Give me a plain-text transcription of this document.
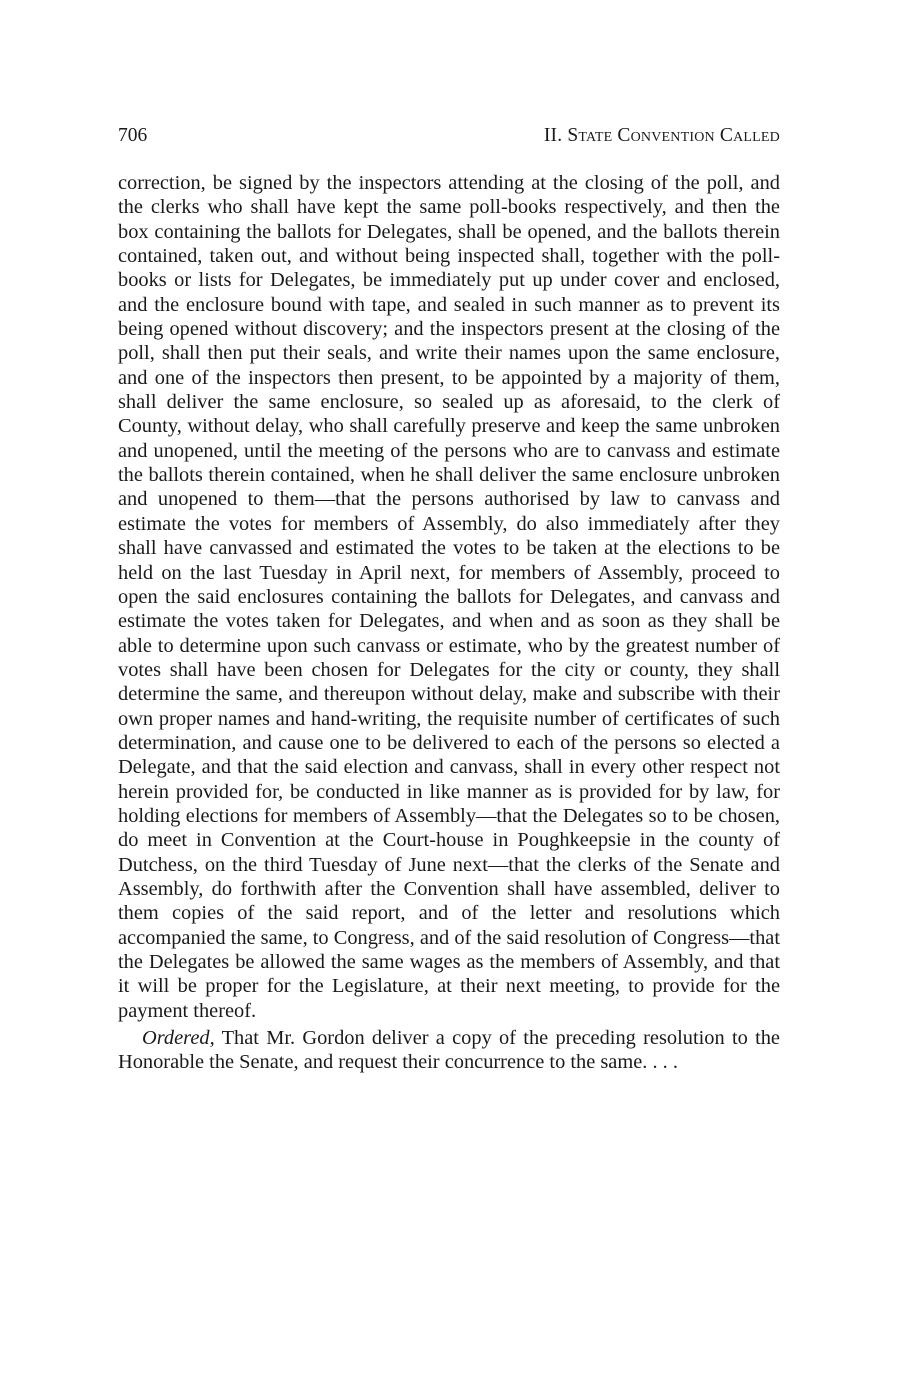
706	II. State Convention Called

correction, be signed by the inspectors attending at the closing of the poll, and the clerks who shall have kept the same poll-books respectively, and then the box containing the ballots for Delegates, shall be opened, and the ballots therein contained, taken out, and without being inspected shall, together with the poll-books or lists for Delegates, be immediately put up under cover and enclosed, and the enclosure bound with tape, and sealed in such manner as to prevent its being opened without discovery; and the inspectors present at the closing of the poll, shall then put their seals, and write their names upon the same enclosure, and one of the inspectors then present, to be appointed by a majority of them, shall deliver the same enclosure, so sealed up as aforesaid, to the clerk of County, without delay, who shall carefully preserve and keep the same unbroken and unopened, until the meeting of the persons who are to canvass and estimate the ballots therein contained, when he shall deliver the same enclosure unbroken and unopened to them—that the persons authorised by law to canvass and estimate the votes for members of Assembly, do also immediately after they shall have canvassed and estimated the votes to be taken at the elections to be held on the last Tuesday in April next, for members of Assembly, proceed to open the said enclosures containing the ballots for Delegates, and canvass and estimate the votes taken for Delegates, and when and as soon as they shall be able to determine upon such canvass or estimate, who by the greatest number of votes shall have been chosen for Delegates for the city or county, they shall determine the same, and thereupon without delay, make and subscribe with their own proper names and hand-writing, the requisite number of certificates of such determination, and cause one to be delivered to each of the persons so elected a Delegate, and that the said election and canvass, shall in every other respect not herein provided for, be conducted in like manner as is provided for by law, for holding elections for members of Assembly—that the Delegates so to be chosen, do meet in Convention at the Court-house in Poughkeepsie in the county of Dutchess, on the third Tuesday of June next—that the clerks of the Senate and Assembly, do forthwith after the Convention shall have assembled, deliver to them copies of the said report, and of the letter and resolutions which accompanied the same, to Congress, and of the said resolution of Congress—that the Delegates be allowed the same wages as the members of Assembly, and that it will be proper for the Legislature, at their next meeting, to provide for the payment thereof.

Ordered, That Mr. Gordon deliver a copy of the preceding resolution to the Honorable the Senate, and request their concurrence to the same. . . .
